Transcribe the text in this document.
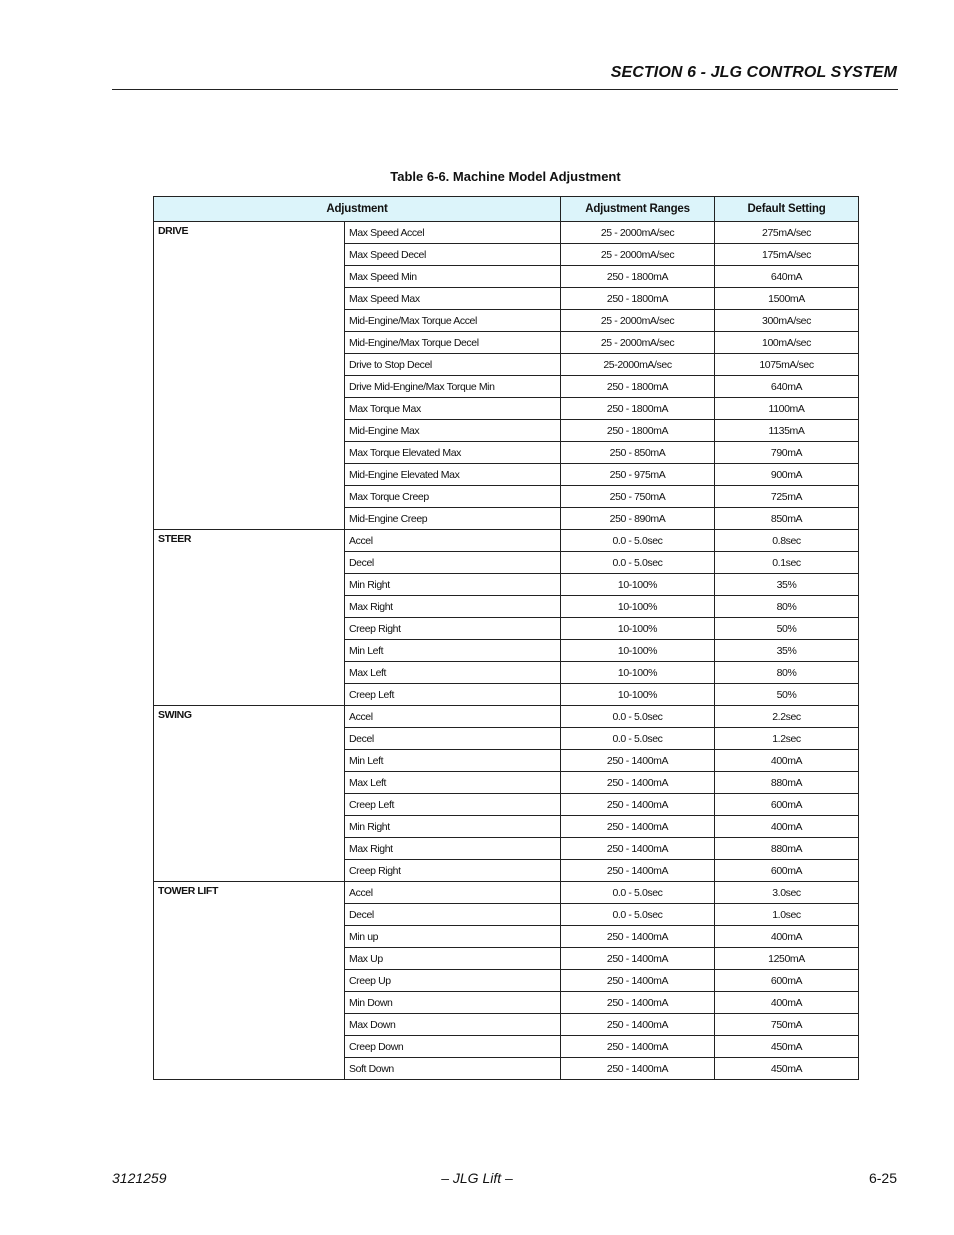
SECTION 6 - JLG CONTROL SYSTEM
Table 6-6. Machine Model Adjustment
Adjustment		Adjustment Ranges	Default Setting
DRIVE	Max Speed Accel	25 - 2000mA/sec	275mA/sec
	Max Speed Decel	25 - 2000mA/sec	175mA/sec
	Max Speed Min	250 - 1800mA	640mA
	Max Speed Max	250 - 1800mA	1500mA
	Mid-Engine/Max Torque Accel	25 - 2000mA/sec	300mA/sec
	Mid-Engine/Max Torque Decel	25 - 2000mA/sec	100mA/sec
	Drive to Stop Decel	25-2000mA/sec	1075mA/sec
	Drive Mid-Engine/Max Torque Min	250 - 1800mA	640mA
	Max Torque Max	250 - 1800mA	1100mA
	Mid-Engine Max	250 - 1800mA	1135mA
	Max Torque Elevated Max	250 - 850mA	790mA
	Mid-Engine Elevated Max	250 - 975mA	900mA
	Max Torque Creep	250 - 750mA	725mA
	Mid-Engine Creep	250 - 890mA	850mA
STEER	Accel	0.0 - 5.0sec	0.8sec
	Decel	0.0 - 5.0sec	0.1sec
	Min Right	10-100%	35%
	Max Right	10-100%	80%
	Creep Right	10-100%	50%
	Min Left	10-100%	35%
	Max Left	10-100%	80%
	Creep Left	10-100%	50%
SWING	Accel	0.0 - 5.0sec	2.2sec
	Decel	0.0 - 5.0sec	1.2sec
	Min Left	250 - 1400mA	400mA
	Max Left	250 - 1400mA	880mA
	Creep Left	250 - 1400mA	600mA
	Min Right	250 - 1400mA	400mA
	Max Right	250 - 1400mA	880mA
	Creep Right	250 - 1400mA	600mA
TOWER LIFT	Accel	0.0 - 5.0sec	3.0sec
	Decel	0.0 - 5.0sec	1.0sec
	Min up	250 - 1400mA	400mA
	Max Up	250 - 1400mA	1250mA
	Creep Up	250 - 1400mA	600mA
	Min Down	250 - 1400mA	400mA
	Max Down	250 - 1400mA	750mA
	Creep Down	250 - 1400mA	450mA
	Soft Down	250 - 1400mA	450mA
3121259	– JLG Lift –	6-25
